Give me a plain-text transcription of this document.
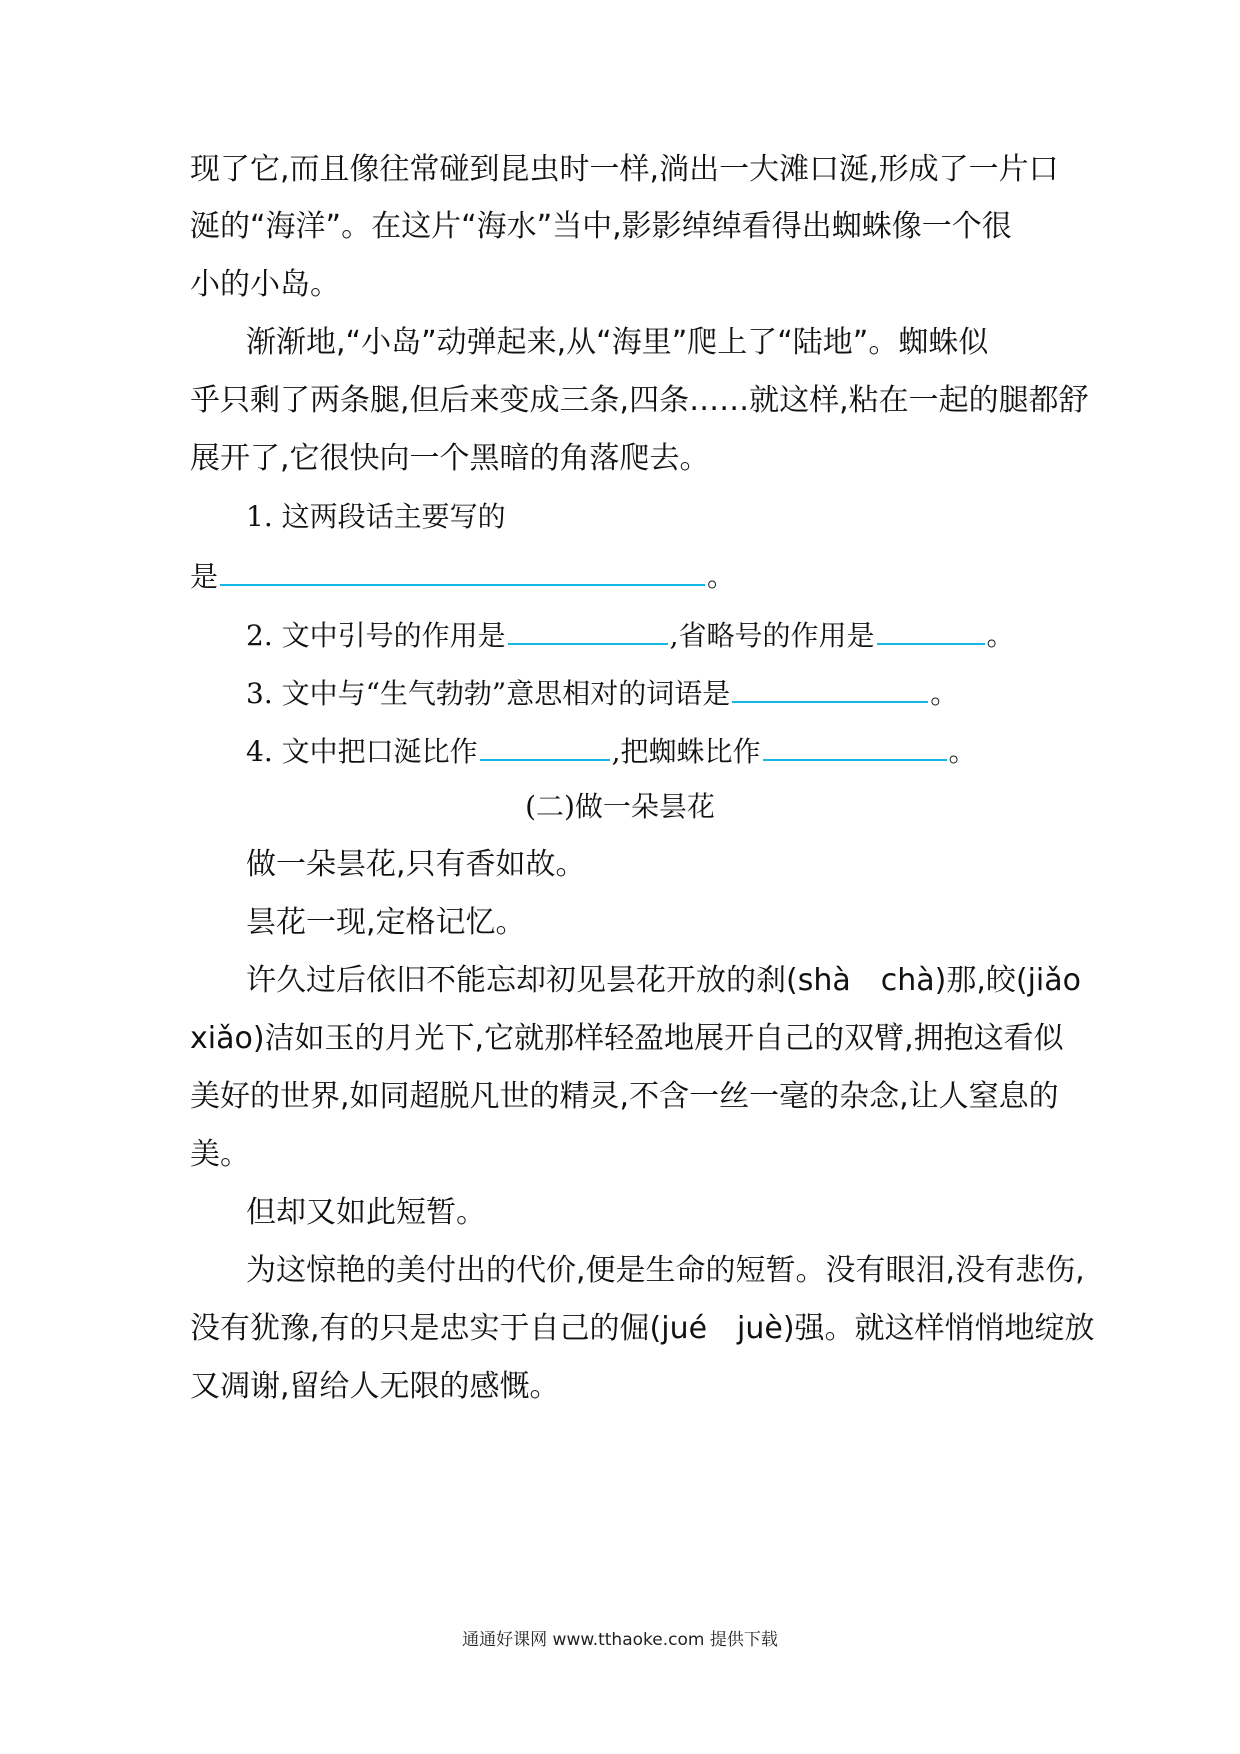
现了它,而且像往常碰到昆虫时一样,淌出一大滩口涎,形成了一片口
涎的“海洋”。在这片“海水”当中,影影绰绰看得出蜘蛛像一个很
小的小岛。
渐渐地,“小岛”动弹起来,从“海里”爬上了“陆地”。蜘蛛似
乎只剩了两条腿,但后来变成三条,四条……就这样,粘在一起的腿都舒
展开了,它很快向一个黑暗的角落爬去。
1. 这两段话主要写的
是	。
2. 文中引号的作用是	,省略号的作用是	。
3. 文中与“生气勃勃”意思相对的词语是	。
4. 文中把口涎比作	,把蜘蛛比作	。
(二)做一朵昙花
做一朵昙花,只有香如故。
昙花一现,定格记忆。
许久过后依旧不能忘却初见昙花开放的刹(shà　chà)那,皎(jiǎo
xiǎo)洁如玉的月光下,它就那样轻盈地展开自己的双臂,拥抱这看似
美好的世界,如同超脱凡世的精灵,不含一丝一毫的杂念,让人窒息的
美。
但却又如此短暂。
为这惊艳的美付出的代价,便是生命的短暂。没有眼泪,没有悲伤,
没有犹豫,有的只是忠实于自己的倔(jué　juè)强。就这样悄悄地绽放
又凋谢,留给人无限的感慨。
通通好课网 www.tthaoke.com 提供下载
